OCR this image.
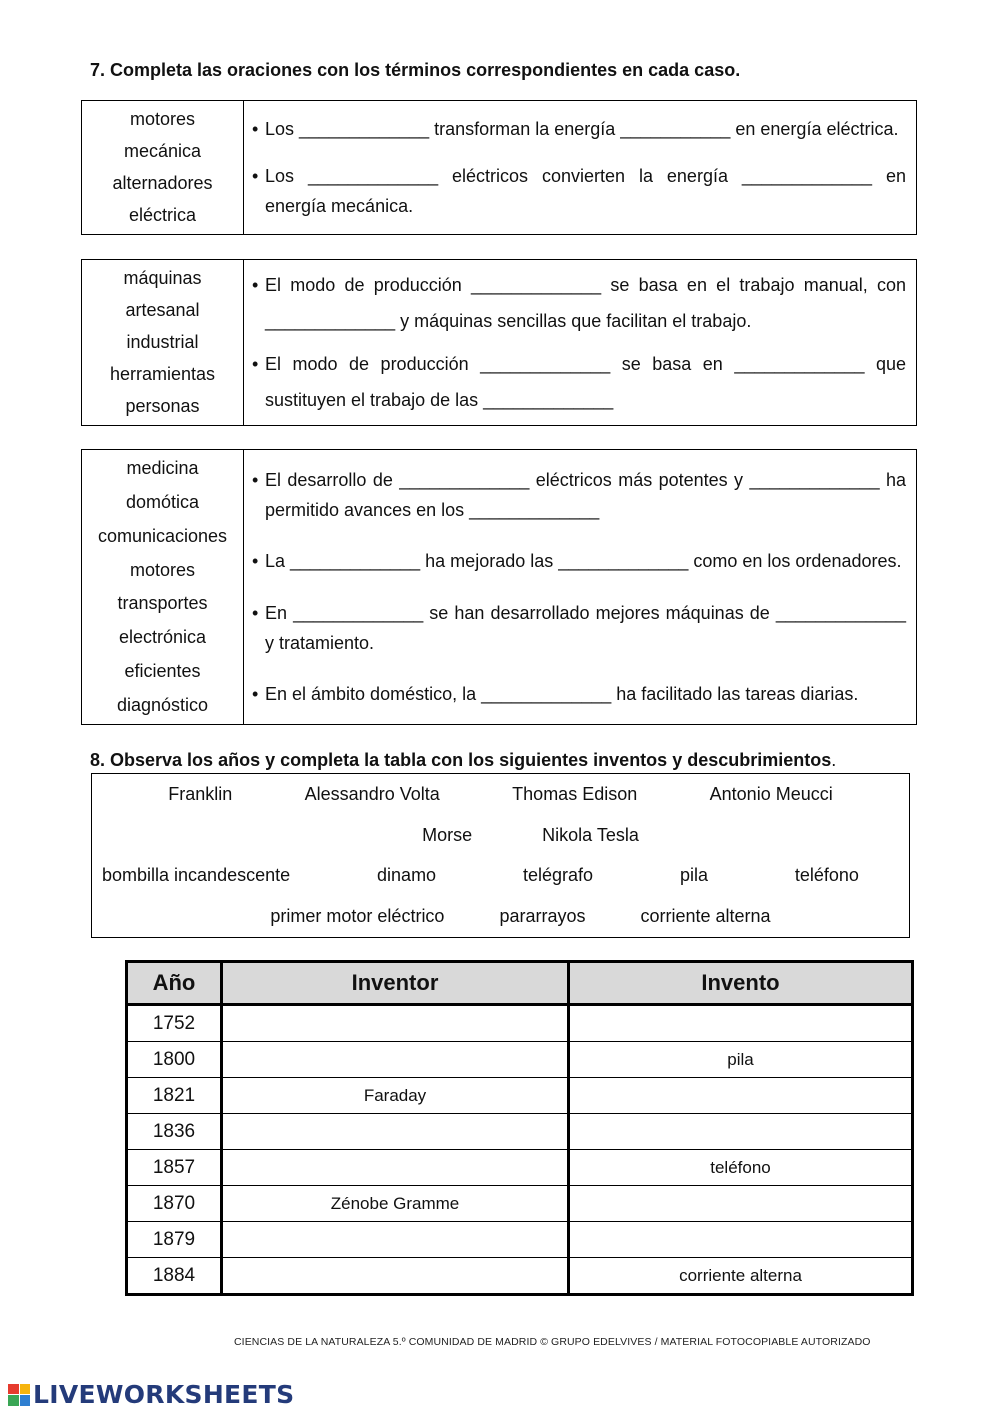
7. Completa las oraciones con los términos correspondientes en cada caso.
motores
mecánica
alternadores
eléctrica
• Los _____________ transforman la energía ___________ en energía eléctrica.
• Los _____________ eléctricos convierten la energía _____________ en energía mecánica.
máquinas
artesanal
industrial
herramientas
personas
• El modo de producción _____________ se basa en el trabajo manual, con _____________ y máquinas sencillas que facilitan el trabajo.
• El modo de producción _____________ se basa en _____________ que sustituyen el trabajo de las _____________
medicina
domótica
comunicaciones
motores
transportes
electrónica
eficientes
diagnóstico
• El desarrollo de _____________ eléctricos más potentes y _____________ ha permitido avances en los _____________
• La _____________ ha mejorado las _____________ como en los ordenadores.
• En _____________ se han desarrollado mejores máquinas de _____________ y tratamiento.
• En el ámbito doméstico, la _____________ ha facilitado las tareas diarias.
8. Observa los años y completa la tabla con los siguientes inventos y descubrimientos.
Franklin	Alessandro Volta	Thomas Edison	Antonio Meucci
Morse	Nikola Tesla
bombilla incandescente	dinamo	telégrafo	pila	teléfono
primer motor eléctrico	pararrayos	corriente alterna
Año	Inventor	Invento
1752		
1800		pila
1821	Faraday	
1836		
1857		teléfono
1870	Zénobe Gramme	
1879		
1884		corriente alterna
CIENCIAS DE LA NATURALEZA 5.º COMUNIDAD DE MADRID © GRUPO EDELVIVES / MATERIAL FOTOCOPIABLE AUTORIZADO
LIVEWORKSHEETS
